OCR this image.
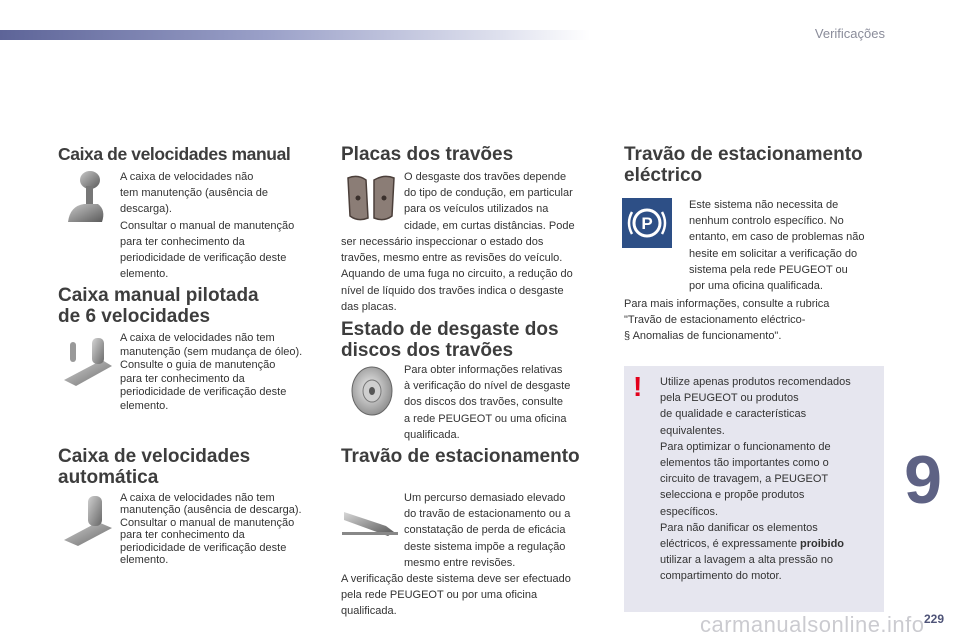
Verificações
Caixa de velocidades manual

A caixa de velocidades não
tem manutenção (ausência de
descarga).
Consultar o manual de manutenção
para ter conhecimento da
periodicidade de verificação deste
elemento.

Caixa manual pilotada
de 6 velocidades

A caixa de velocidades não tem
manutenção (sem mudança de óleo).
Consulte o guia de manutenção
para ter conhecimento da
periodicidade de verificação deste
elemento.

Caixa de velocidades
automática

A caixa de velocidades não tem
manutenção (ausência de descarga).
Consultar o manual de manutenção
para ter conhecimento da
periodicidade de verificação deste
elemento.

Placas dos travões

O desgaste dos travões depende
do tipo de condução, em particular
para os veículos utilizados na
cidade, em curtas distâncias. Pode

ser necessário inspeccionar o estado dos
travões, mesmo entre as revisões do veículo.
Aquando de uma fuga no circuito, a redução do
nível de líquido dos travões indica o desgaste
das placas.

Estado de desgaste dos
discos dos travões

Para obter informações relativas
à verificação do nível de desgaste
dos discos dos travões, consulte
a rede PEUGEOT ou uma oficina
qualificada.

Travão de estacionamento

Um percurso demasiado elevado
do travão de estacionamento ou a
constatação de perda de eficácia
deste sistema impõe a regulação
mesmo entre revisões.

A verificação deste sistema deve ser efectuado
pela rede PEUGEOT ou por uma oficina
qualificada.

Travão de estacionamento
eléctrico
P

Este sistema não necessita de
nenhum controlo específico. No
entanto, em caso de problemas não
hesite em solicitar a verificação do
sistema pela rede PEUGEOT ou
por uma oficina qualificada.

Para mais informações, consulte a rubrica
"Travão de estacionamento eléctrico-
§ Anomalias de funcionamento".

! Utilize apenas produtos recomendados
pela PEUGEOT ou produtos
de qualidade e características
equivalentes.
Para optimizar o funcionamento de
elementos tão importantes como o
circuito de travagem, a PEUGEOT
selecciona e propõe produtos
específicos.
Para não danificar os elementos
eléctricos, é expressamente proibido
utilizar a lavagem a alta pressão no
compartimento do motor.

9
carmanualsonline.info 229
